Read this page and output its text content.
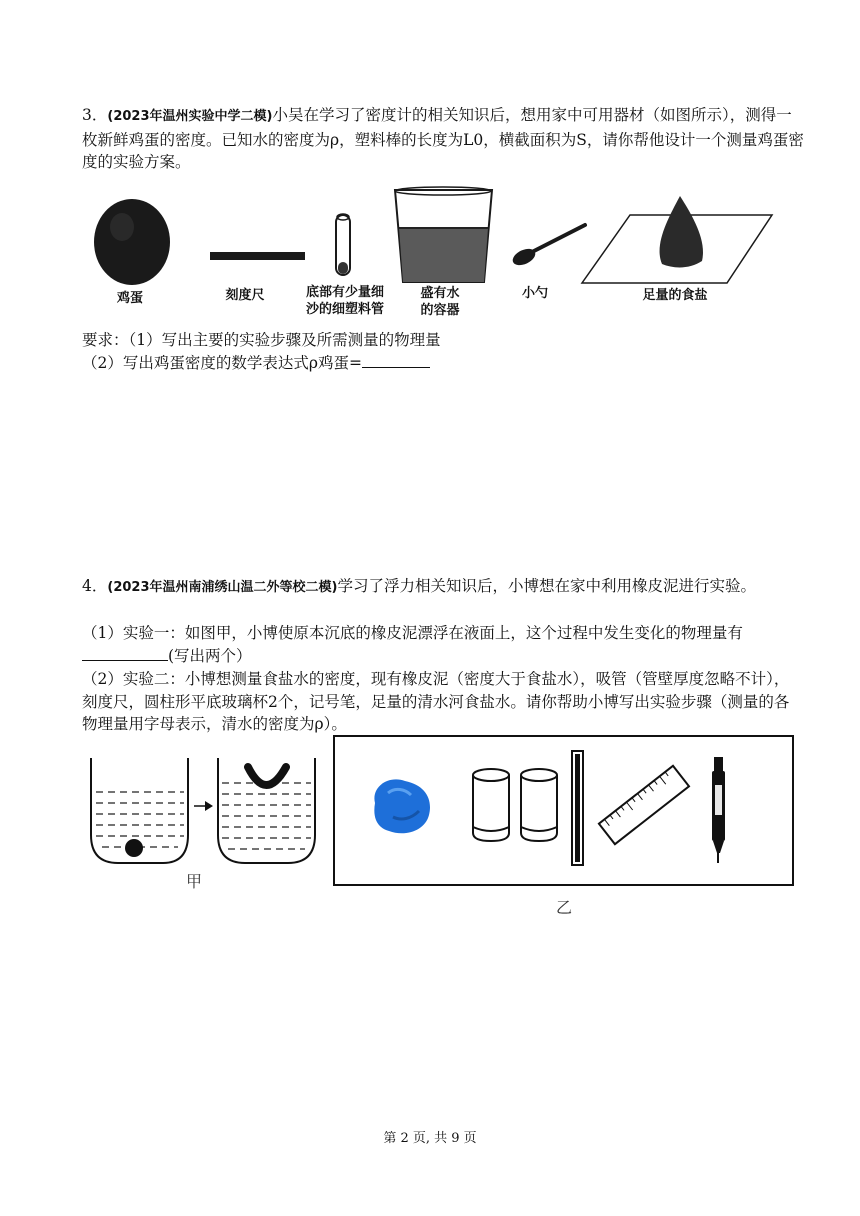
3．(2023年温州实验中学二模)小吴在学习了密度计的相关知识后，想用家中可用器材（如图所示），测得一枚新鲜鸡蛋的密度。已知水的密度为ρ，塑料棒的长度为L0，横截面积为S，请你帮他设计一个测量鸡蛋密度的实验方案。
鸡蛋	刻度尺	底部有少量细
沙的细塑料管
盛有水
的容器
小勺	足量的食盐
要求：（1）写出主要的实验步骤及所需测量的物理量
（2）写出鸡蛋密度的数学表达式ρ鸡蛋=
4．(2023年温州南浦绣山温二外等校二模)学习了浮力相关知识后，小博想在家中利用橡皮泥进行实验。
（1）实验一：如图甲，小博使原本沉底的橡皮泥漂浮在液面上，这个过程中发生变化的物理量有(写出两个）
（2）实验二：小博想测量食盐水的密度，现有橡皮泥（密度大于食盐水），吸管（管壁厚度忽略不计），刻度尺，圆柱形平底玻璃杯2个，记号笔，足量的清水河食盐水。请你帮助小博写出实验步骤（测量的各物理量用字母表示，清水的密度为ρ）。
甲
乙
第 2 页, 共 9 页
